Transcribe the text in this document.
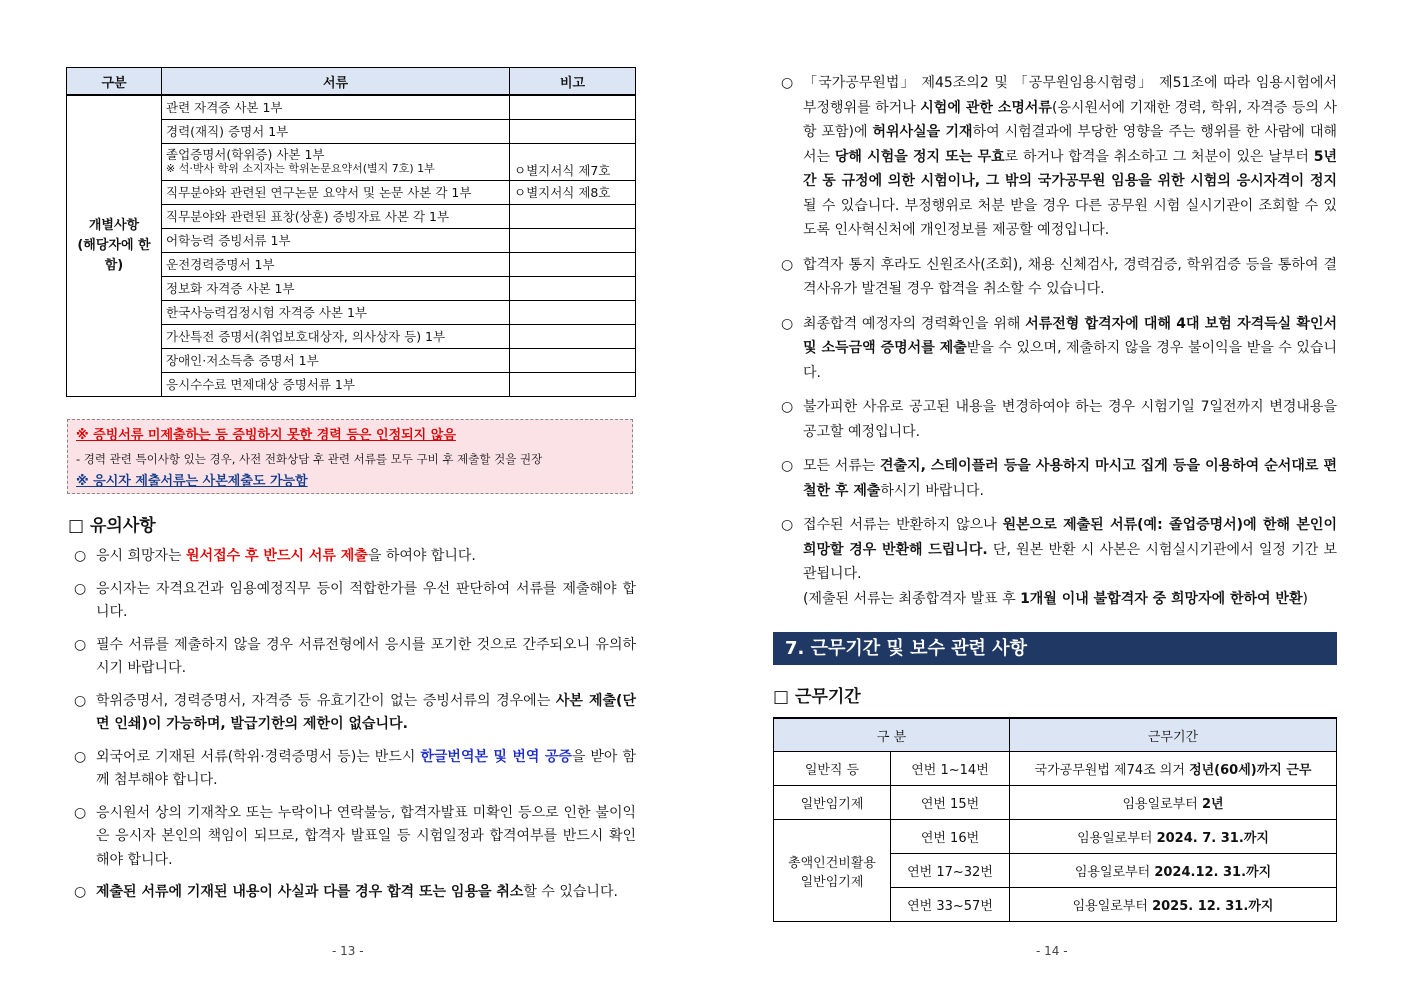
구분	서류	비고
개별사항
(해당자에 한함)	관련 자격증 사본 1부	
	경력(재직) 증명서 1부	
	졸업증명서(학위증) 사본 1부
※ 석·박사 학위 소지자는 학위논문요약서(별지 7호) 1부	ㅇ별지서식 제7호
	직무분야와 관련된 연구논문 요약서 및 논문 사본 각 1부	ㅇ별지서식 제8호
	직무분야와 관련된 표창(상훈) 증빙자료 사본 각 1부	
	어학능력 증빙서류 1부	
	운전경력증명서 1부	
	정보화 자격증 사본 1부	
	한국사능력검정시험 자격증 사본 1부	
	가산특전 증명서(취업보호대상자, 의사상자 등) 1부	
	장애인·저소득층 증명서 1부	
	응시수수료 면제대상 증명서류 1부	
※ 증빙서류 미제출하는 등 증빙하지 못한 경력 등은 인정되지 않음
- 경력 관련 특이사항 있는 경우, 사전 전화상담 후 관련 서류를 모두 구비 후 제출할 것을 권장
※ 응시자 제출서류는 사본제출도 가능함
□ 유의사항
○ 응시 희망자는 원서접수 후 반드시 서류 제출을 하여야 합니다.
○ 응시자는 자격요건과 임용예정직무 등이 적합한가를 우선 판단하여 서류를 제출해야 합니다.
○ 필수 서류를 제출하지 않을 경우 서류전형에서 응시를 포기한 것으로 간주되오니 유의하시기 바랍니다.
○ 학위증명서, 경력증명서, 자격증 등 유효기간이 없는 증빙서류의 경우에는 사본 제출(단면 인쇄)이 가능하며, 발급기한의 제한이 없습니다.
○ 외국어로 기재된 서류(학위·경력증명서 등)는 반드시 한글번역본 및 번역 공증을 받아 함께 첨부해야 합니다.
○ 응시원서 상의 기재착오 또는 누락이나 연락불능, 합격자발표 미확인 등으로 인한 불이익은 응시자 본인의 책임이 되므로, 합격자 발표일 등 시험일정과 합격여부를 반드시 확인해야 합니다.
○ 제출된 서류에 기재된 내용이 사실과 다를 경우 합격 또는 임용을 취소할 수 있습니다.
- 13 -
○ 「국가공무원법」 제45조의2 및 「공무원임용시험령」 제51조에 따라 임용시험에서 부정행위를 하거나 시험에 관한 소명서류(응시원서에 기재한 경력, 학위, 자격증 등의 사항 포함)에 허위사실을 기재하여 시험결과에 부당한 영향을 주는 행위를 한 사람에 대해서는 당해 시험을 정지 또는 무효로 하거나 합격을 취소하고 그 처분이 있은 날부터 5년간 동 규정에 의한 시험이나, 그 밖의 국가공무원 임용을 위한 시험의 응시자격이 정지될 수 있습니다. 부정행위로 처분 받을 경우 다른 공무원 시험 실시기관이 조회할 수 있도록 인사혁신처에 개인정보를 제공할 예정입니다.
○ 합격자 통지 후라도 신원조사(조회), 채용 신체검사, 경력검증, 학위검증 등을 통하여 결격사유가 발견될 경우 합격을 취소할 수 있습니다.
○ 최종합격 예정자의 경력확인을 위해 서류전형 합격자에 대해 4대 보험 자격득실 확인서 및 소득금액 증명서를 제출받을 수 있으며, 제출하지 않을 경우 불이익을 받을 수 있습니다.
○ 불가피한 사유로 공고된 내용을 변경하여야 하는 경우 시험기일 7일전까지 변경내용을 공고할 예정입니다.
○ 모든 서류는 견출지, 스테이플러 등을 사용하지 마시고 집게 등을 이용하여 순서대로 편철한 후 제출하시기 바랍니다.
○ 접수된 서류는 반환하지 않으나 원본으로 제출된 서류(예: 졸업증명서)에 한해 본인이 희망할 경우 반환해 드립니다. 단, 원본 반환 시 사본은 시험실시기관에서 일정 기간 보관됩니다.
(제출된 서류는 최종합격자 발표 후 1개월 이내 불합격자 중 희망자에 한하여 반환)
7. 근무기간 및 보수 관련 사항
□ 근무기간
구 분		근무기간
일반직 등	연번 1~14번	국가공무원법 제74조 의거 정년(60세)까지 근무
일반임기제	연번 15번	임용일로부터 2년
총액인건비활용
일반임기제	연번 16번	임용일로부터 2024. 7. 31.까지
	연번 17~32번	임용일로부터 2024.12. 31.까지
	연번 33~57번	임용일로부터 2025. 12. 31.까지
- 14 -
